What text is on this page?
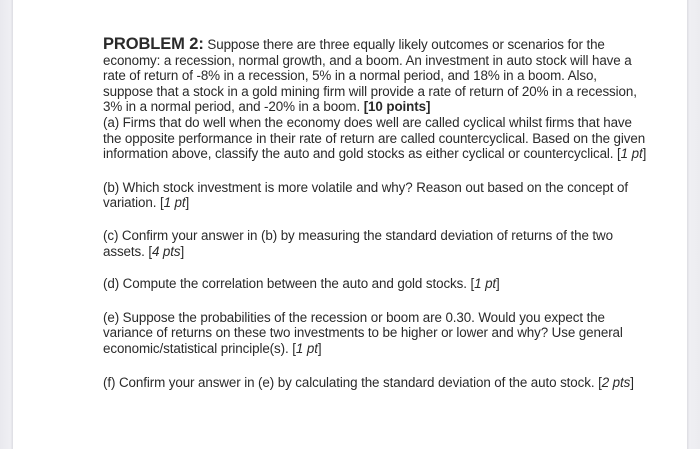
PROBLEM 2: Suppose there are three equally likely outcomes or scenarios for the economy: a recession, normal growth, and a boom. An investment in auto stock will have a rate of return of -8% in a recession, 5% in a normal period, and 18% in a boom. Also, suppose that a stock in a gold mining firm will provide a rate of return of 20% in a recession, 3% in a normal period, and -20% in a boom. [10 points]

(a) Firms that do well when the economy does well are called cyclical whilst firms that have the opposite performance in their rate of return are called countercyclical. Based on the given information above, classify the auto and gold stocks as either cyclical or countercyclical. [1 pt]

(b) Which stock investment is more volatile and why? Reason out based on the concept of variation. [1 pt]

(c) Confirm your answer in (b) by measuring the standard deviation of returns of the two assets. [4 pts]

(d) Compute the correlation between the auto and gold stocks. [1 pt]

(e) Suppose the probabilities of the recession or boom are 0.30. Would you expect the variance of returns on these two investments to be higher or lower and why? Use general economic/statistical principle(s). [1 pt]

(f) Confirm your answer in (e) by calculating the standard deviation of the auto stock. [2 pts]
